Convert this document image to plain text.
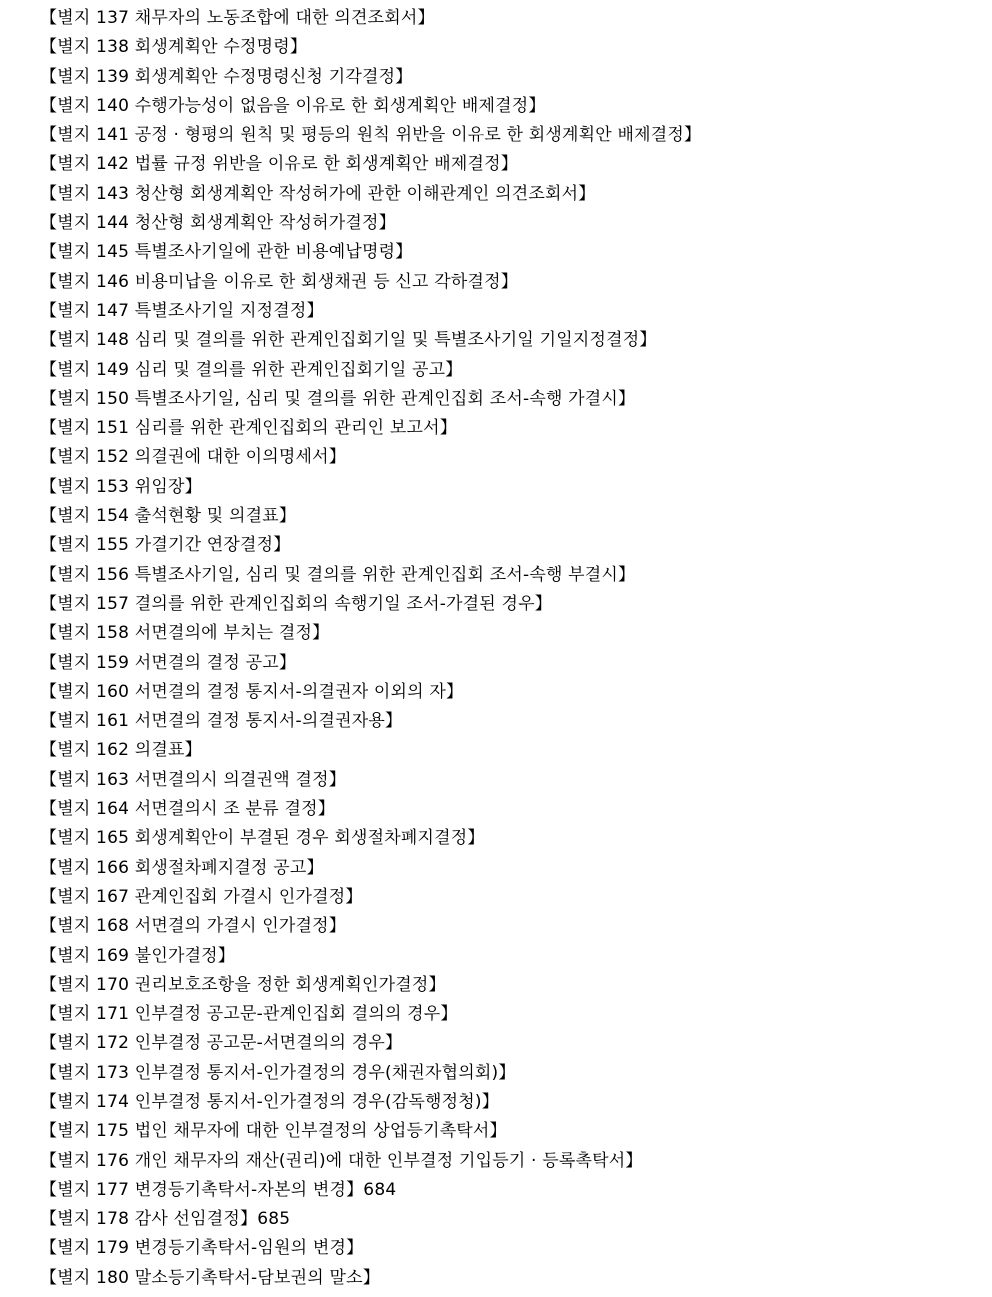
【별지 137 채무자의 노동조합에 대한 의견조회서】
【별지 138 회생계획안 수정명령】
【별지 139 회생계획안 수정명령신청 기각결정】
【별지 140 수행가능성이 없음을 이유로 한 회생계획안 배제결정】
【별지 141 공정 · 형평의 원칙 및 평등의 원칙 위반을 이유로 한 회생계획안 배제결정】
【별지 142 법률 규정 위반을 이유로 한 회생계획안 배제결정】
【별지 143 청산형 회생계획안 작성허가에 관한 이해관계인 의견조회서】
【별지 144 청산형 회생계획안 작성허가결정】
【별지 145 특별조사기일에 관한 비용예납명령】
【별지 146 비용미납을 이유로 한 회생채권 등 신고 각하결정】
【별지 147 특별조사기일 지정결정】
【별지 148 심리 및 결의를 위한 관계인집회기일 및 특별조사기일 기일지정결정】
【별지 149 심리 및 결의를 위한 관계인집회기일 공고】
【별지 150 특별조사기일, 심리 및 결의를 위한 관계인집회 조서-속행 가결시】
【별지 151 심리를 위한 관계인집회의 관리인 보고서】
【별지 152 의결권에 대한 이의명세서】
【별지 153 위임장】
【별지 154 출석현황 및 의결표】
【별지 155 가결기간 연장결정】
【별지 156 특별조사기일, 심리 및 결의를 위한 관계인집회 조서-속행 부결시】
【별지 157 결의를 위한 관계인집회의 속행기일 조서-가결된 경우】
【별지 158 서면결의에 부치는 결정】
【별지 159 서면결의 결정 공고】
【별지 160 서면결의 결정 통지서-의결권자 이외의 자】
【별지 161 서면결의 결정 통지서-의결권자용】
【별지 162 의결표】
【별지 163 서면결의시 의결권액 결정】
【별지 164 서면결의시 조 분류 결정】
【별지 165 회생계획안이 부결된 경우 회생절차폐지결정】
【별지 166 회생절차폐지결정 공고】
【별지 167 관계인집회 가결시 인가결정】
【별지 168 서면결의 가결시 인가결정】
【별지 169 불인가결정】
【별지 170 권리보호조항을 정한 회생계획인가결정】
【별지 171 인부결정 공고문-관계인집회 결의의 경우】
【별지 172 인부결정 공고문-서면결의의 경우】
【별지 173 인부결정 통지서-인가결정의 경우(채권자협의회)】
【별지 174 인부결정 통지서-인가결정의 경우(감독행정청)】
【별지 175 법인 채무자에 대한 인부결정의 상업등기촉탁서】
【별지 176 개인 채무자의 재산(권리)에 대한 인부결정 기입등기 · 등록촉탁서】
【별지 177 변경등기촉탁서-자본의 변경】684
【별지 178 감사 선임결정】685
【별지 179 변경등기촉탁서-임원의 변경】
【별지 180 말소등기촉탁서-담보권의 말소】
